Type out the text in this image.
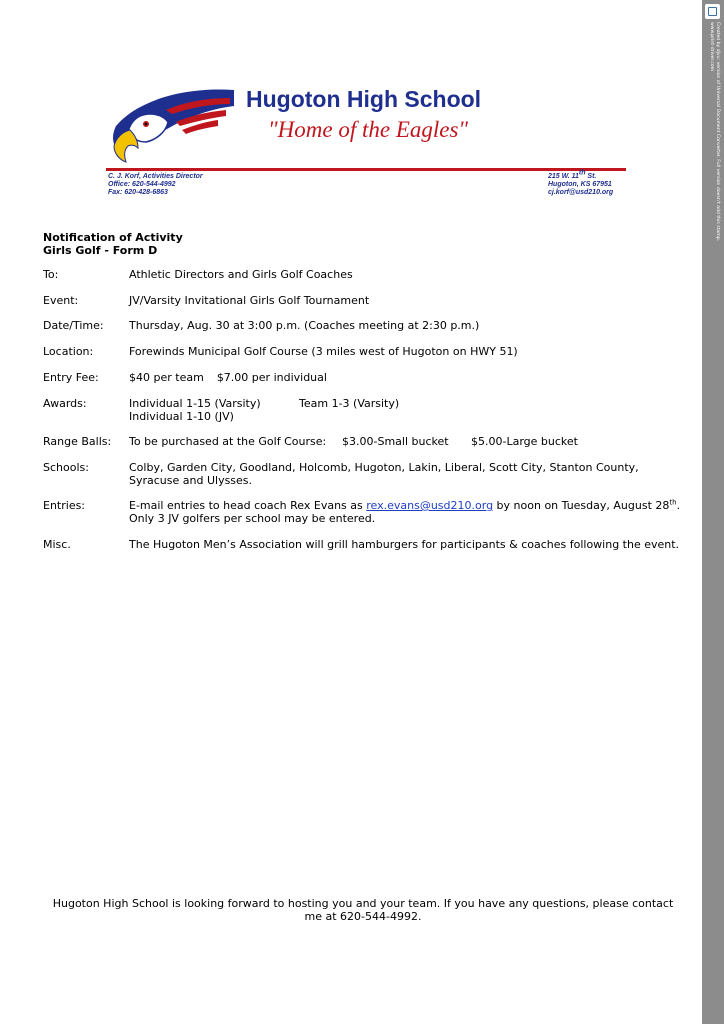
Created by djvu: version of Universal Document Converter. Full version doesn't add this stamp.
www.print-driver.com
Hugoton High School
"Home of the Eagles"
C. J. Korf, Activities Director
Office: 620-544-4992
Fax: 620-428-6863
215 W. 11th St.
Hugoton, KS 67951
cj.korf@usd210.org
Notification of Activity
Girls Golf - Form D
To:	Athletic Directors and Girls Golf Coaches
Event:	JV/Varsity Invitational Girls Golf Tournament
Date/Time: Thursday, Aug. 30 at 3:00 p.m. (Coaches meeting at 2:30 p.m.)
Location:	Forewinds Municipal Golf Course (3 miles west of Hugoton on HWY 51)
Entry Fee:	$40 per team $7.00 per individual
Awards:	Individual 1-15 (Varsity)	Team 1-3 (Varsity)
Individual 1-10 (JV)
Range Balls: To be purchased at the Golf Course: $3.00-Small bucket $5.00-Large bucket
Schools:	Colby, Garden City, Goodland, Holcomb, Hugoton, Lakin, Liberal, Scott City, Stanton County, Syracuse and Ulysses.
Entries:	E-mail entries to head coach Rex Evans as rex.evans@usd210.org by noon on Tuesday, August 28th.
Only 3 JV golfers per school may be entered.
Misc.	The Hugoton Men’s Association will grill hamburgers for participants & coaches following the event.
Hugoton High School is looking forward to hosting you and your team. If you have any questions, please contact me at 620-544-4992.
